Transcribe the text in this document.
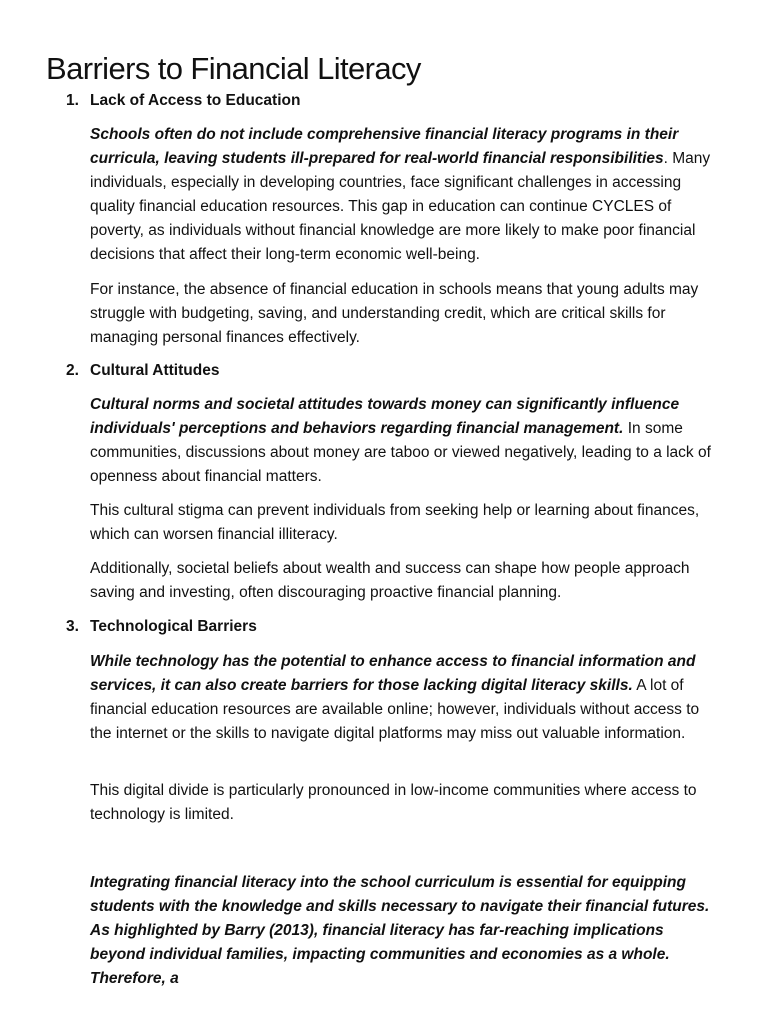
Barriers to Financial Literacy
1. Lack of Access to Education

Schools often do not include comprehensive financial literacy programs in their curricula, leaving students ill-prepared for real-world financial responsibilities. Many individuals, especially in developing countries, face significant challenges in accessing quality financial education resources. This gap in education can continue CYCLES of poverty, as individuals without financial knowledge are more likely to make poor financial decisions that affect their long-term economic well-being.

For instance, the absence of financial education in schools means that young adults may struggle with budgeting, saving, and understanding credit, which are critical skills for managing personal finances effectively.

2. Cultural Attitudes

Cultural norms and societal attitudes towards money can significantly influence individuals' perceptions and behaviors regarding financial management. In some communities, discussions about money are taboo or viewed negatively, leading to a lack of openness about financial matters.

This cultural stigma can prevent individuals from seeking help or learning about finances, which can worsen financial illiteracy.

Additionally, societal beliefs about wealth and success can shape how people approach saving and investing, often discouraging proactive financial planning.

3. Technological Barriers

While technology has the potential to enhance access to financial information and services, it can also create barriers for those lacking digital literacy skills. A lot of financial education resources are available online; however, individuals without access to the internet or the skills to navigate digital platforms may miss out valuable information.

This digital divide is particularly pronounced in low-income communities where access to technology is limited.

Integrating financial literacy into the school curriculum is essential for equipping students with the knowledge and skills necessary to navigate their financial futures. As highlighted by Barry (2013), financial literacy has far-reaching implications beyond individual families, impacting communities and economies as a whole. Therefore, a
